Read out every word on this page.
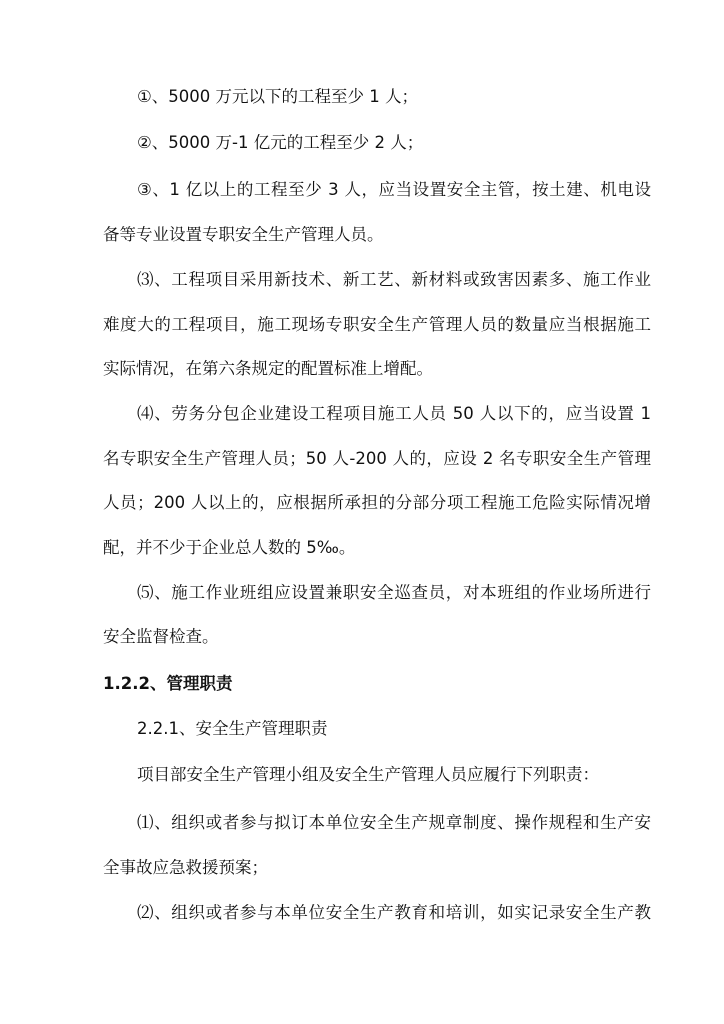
①、5000 万元以下的工程至少 1 人；
②、5000 万-1 亿元的工程至少 2 人；
③、1 亿以上的工程至少 3 人，应当设置安全主管，按土建、机电设
备等专业设置专职安全生产管理人员。
⑶、工程项目采用新技术、新工艺、新材料或致害因素多、施工作业
难度大的工程项目，施工现场专职安全生产管理人员的数量应当根据施工
实际情况，在第六条规定的配置标准上增配。
⑷、劳务分包企业建设工程项目施工人员 50 人以下的，应当设置 1
名专职安全生产管理人员；50 人-200 人的，应设 2 名专职安全生产管理
人员；200 人以上的，应根据所承担的分部分项工程施工危险实际情况增
配，并不少于企业总人数的 5‰。
⑸、施工作业班组应设置兼职安全巡查员，对本班组的作业场所进行
安全监督检查。
1.2.2、管理职责
2.2.1、安全生产管理职责
项目部安全生产管理小组及安全生产管理人员应履行下列职责：
⑴、组织或者参与拟订本单位安全生产规章制度、操作规程和生产安
全事故应急救援预案；
⑵、组织或者参与本单位安全生产教育和培训，如实记录安全生产教
